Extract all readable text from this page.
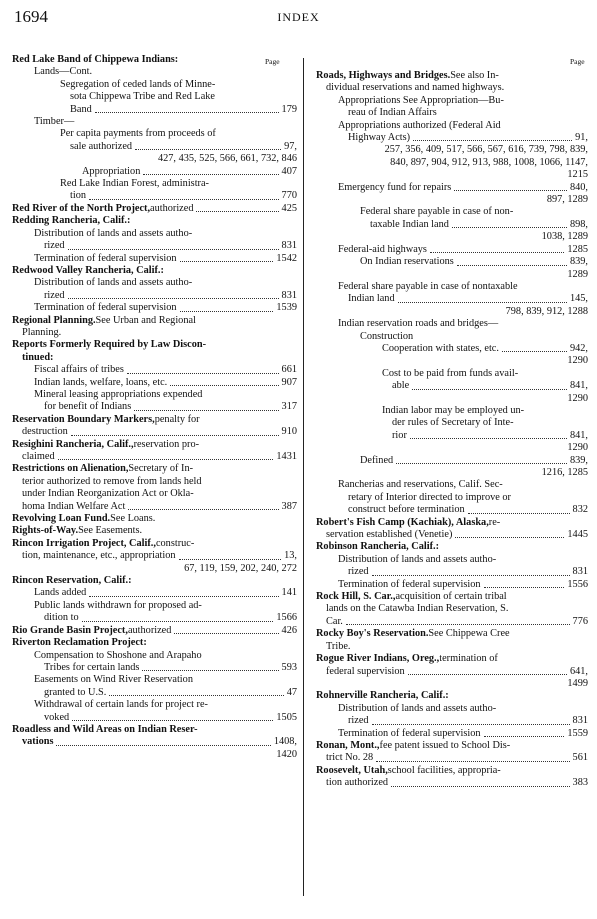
1694	INDEX
Page	Page
Red Lake Band of Chippewa Indians:
Lands—Cont.
Segregation of ceded lands of Minne-
sota Chippewa Tribe and Red Lake
Band	179
Timber—
Per capita payments from proceeds of
sale authorized	97,
427, 435, 525, 566, 661, 732, 846
Appropriation	407
Red Lake Indian Forest, administra-
tion	770
Red River of the North Project, authorized	425
Redding Rancheria, Calif.:
Distribution of lands and assets autho-
rized	831
Termination of federal supervision	1542
Redwood Valley Rancheria, Calif.:
Distribution of lands and assets autho-
rized	831
Termination of federal supervision	1539
Regional Planning. See Urban and Regional
Planning.
Reports Formerly Required by Law Discon-
tinued:
Fiscal affairs of tribes	661
Indian lands, welfare, loans, etc.	907
Mineral leasing appropriations expended
for benefit of Indians	317
Reservation Boundary Markers, penalty for
destruction	910
Resighini Rancheria, Calif., reservation pro-
claimed	1431
Restrictions on Alienation, Secretary of In-
terior authorized to remove from lands held
under Indian Reorganization Act or Okla-
homa Indian Welfare Act	387
Revolving Loan Fund. See Loans.
Rights-of-Way. See Easements.
Rincon Irrigation Project, Calif., construc-
tion, maintenance, etc., appropriation	13,
67, 119, 159, 202, 240, 272
Rincon Reservation, Calif.:
Lands added	141
Public lands withdrawn for proposed ad-
dition to	1566
Rio Grande Basin Project, authorized	426
Riverton Reclamation Project:
Compensation to Shoshone and Arapaho
Tribes for certain lands	593
Easements on Wind River Reservation
granted to U.S.	47
Withdrawal of certain lands for project re-
voked	1505
Roadless and Wild Areas on Indian Reser-
vations	1408,
1420
Roads, Highways and Bridges. See also In-
dividual reservations and named highways.
Appropriations See Appropriation—Bu-
reau of Indian Affairs
Appropriations authorized (Federal Aid
Highway Acts)	91,
257, 356, 409, 517, 566, 567, 616, 739, 798, 839,
840, 897, 904, 912, 913, 988, 1008, 1066, 1147,
1215
Emergency fund for repairs	840,
897, 1289
Federal share payable in case of non-
taxable Indian land	898,
1038, 1289
Federal-aid highways	1285
On Indian reservations	839,
1289
Federal share payable in case of nontaxable
Indian land	145,
798, 839, 912, 1288
Indian reservation roads and bridges—
Construction
Cooperation with states, etc.	942,
1290
Cost to be paid from funds avail-
able	841,
1290
Indian labor may be employed un-
der rules of Secretary of Inte-
rior	841,
1290
Defined	839,
1216, 1285
Rancherias and reservations, Calif. Sec-
retary of Interior directed to improve or
construct before termination	832
Robert's Fish Camp (Kachiak), Alaska, re-
servation established (Venetie)	1445
Robinson Rancheria, Calif.:
Distribution of lands and assets autho-
rized	831
Termination of federal supervision	1556
Rock Hill, S. Car., acquisition of certain tribal
lands on the Catawba Indian Reservation, S.
Car.	776
Rocky Boy's Reservation. See Chippewa Cree
Tribe.
Rogue River Indians, Oreg., termination of
federal supervision	641,
1499
Rohnerville Rancheria, Calif.:
Distribution of lands and assets autho-
rized	831
Termination of federal supervision	1559
Ronan, Mont., fee patent issued to School Dis-
trict No. 28	561
Roosevelt, Utah, school facilities, appropria-
tion authorized	383
